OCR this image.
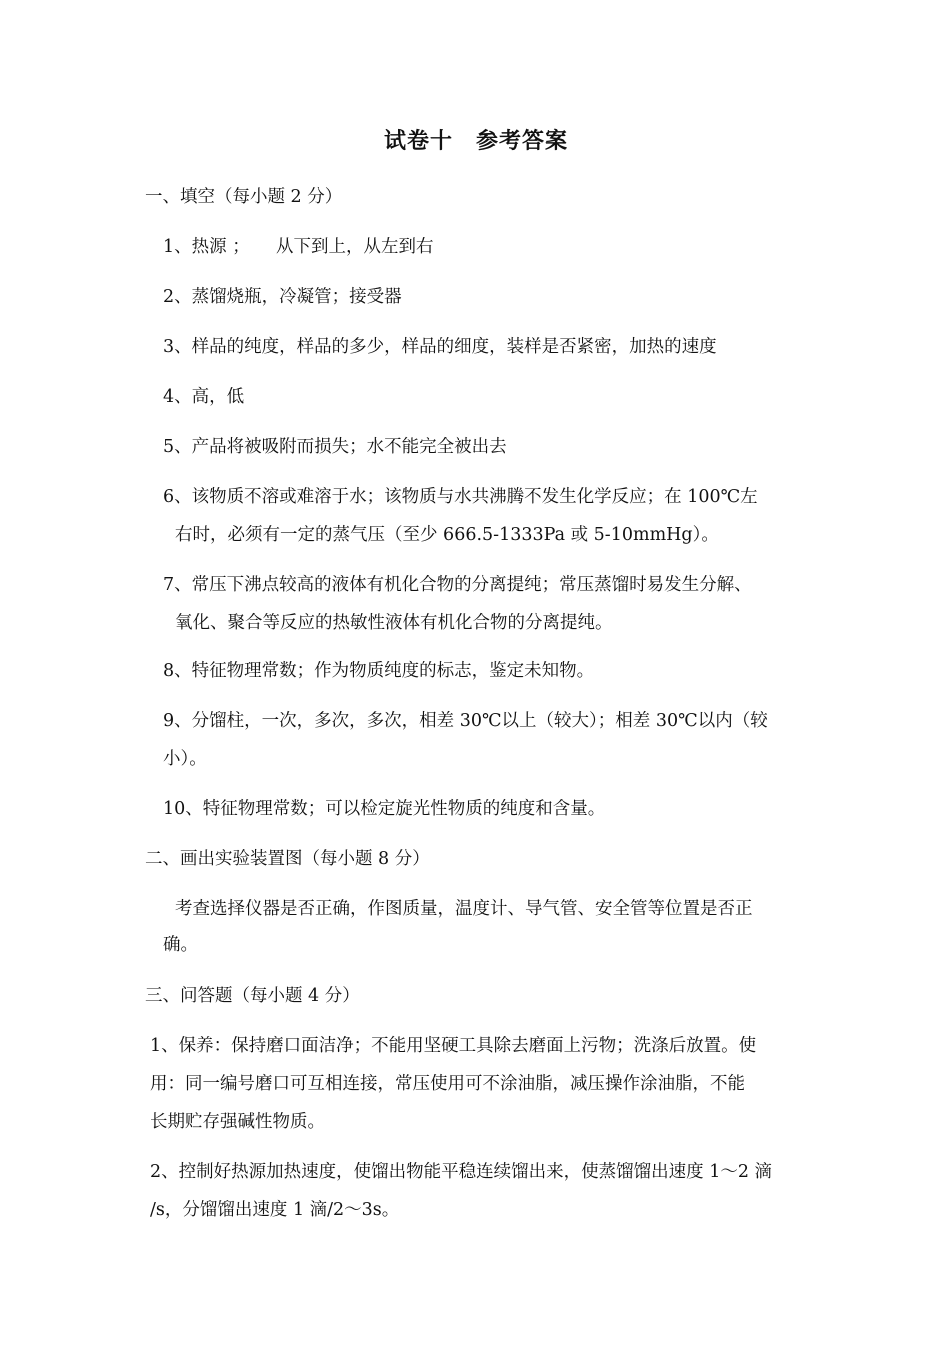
试卷十　参考答案
一、填空（每小题 2 分）
1、热源 ；　　从下到上，从左到右
2、蒸馏烧瓶，冷凝管；接受器
3、样品的纯度，样品的多少，样品的细度，装样是否紧密，加热的速度
4、高，低
5、产品将被吸附而损失；水不能完全被出去
6、该物质不溶或难溶于水；该物质与水共沸腾不发生化学反应；在 100℃左
右时，必须有一定的蒸气压（至少 666.5-1333Pa 或 5-10mmHg）。
7、常压下沸点较高的液体有机化合物的分离提纯；常压蒸馏时易发生分解、
氧化、聚合等反应的热敏性液体有机化合物的分离提纯。
8、特征物理常数；作为物质纯度的标志，鉴定未知物。
9、分馏柱，一次，多次，多次，相差 30℃以上（较大）；相差 30℃以内（较
小）。
10、特征物理常数；可以检定旋光性物质的纯度和含量。
二、画出实验装置图（每小题 8 分）
考查选择仪器是否正确，作图质量，温度计、导气管、安全管等位置是否正
确。
三、问答题（每小题 4 分）
1、保养：保持磨口面洁净；不能用坚硬工具除去磨面上污物；洗涤后放置。使
用：同一编号磨口可互相连接，常压使用可不涂油脂，减压操作涂油脂，不能
长期贮存强碱性物质。
2、控制好热源加热速度，使馏出物能平稳连续馏出来，使蒸馏馏出速度 1～2 滴
/s，分馏馏出速度 1 滴/2～3s。
